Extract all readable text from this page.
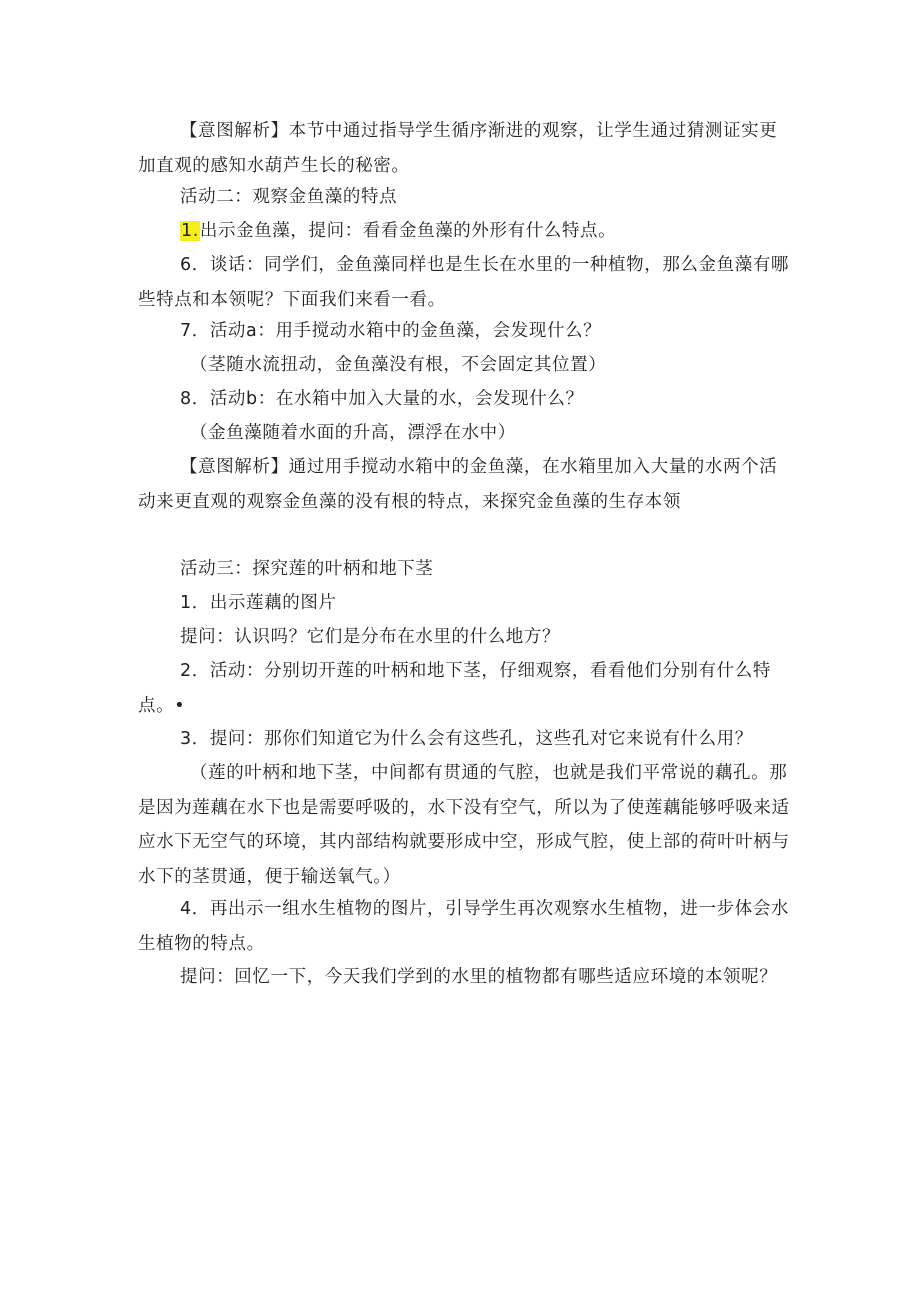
【意图解析】本节中通过指导学生循序渐进的观察，让学生通过猜测证实更加直观的感知水葫芦生长的秘密。

活动二：观察金鱼藻的特点

1.出示金鱼藻，提问：看看金鱼藻的外形有什么特点。

6．谈话：同学们，金鱼藻同样也是生长在水里的一种植物，那么金鱼藻有哪些特点和本领呢？下面我们来看一看。

7．活动a：用手搅动水箱中的金鱼藻，会发现什么？

（茎随水流扭动，金鱼藻没有根，不会固定其位置）

8．活动b：在水箱中加入大量的水，会发现什么？

（金鱼藻随着水面的升高，漂浮在水中）

【意图解析】通过用手搅动水箱中的金鱼藻，在水箱里加入大量的水两个活动来更直观的观察金鱼藻的没有根的特点，来探究金鱼藻的生存本领

活动三：探究莲的叶柄和地下茎

1．出示莲藕的图片

提问：认识吗？它们是分布在水里的什么地方？

2．活动：分别切开莲的叶柄和地下茎，仔细观察，看看他们分别有什么特点。•

3．提问：那你们知道它为什么会有这些孔，这些孔对它来说有什么用？

（莲的叶柄和地下茎，中间都有贯通的气腔，也就是我们平常说的藕孔。那是因为莲藕在水下也是需要呼吸的，水下没有空气，所以为了使莲藕能够呼吸来适应水下无空气的环境，其内部结构就要形成中空，形成气腔，使上部的荷叶叶柄与水下的茎贯通，便于输送氧气。）

4．再出示一组水生植物的图片，引导学生再次观察水生植物，进一步体会水生植物的特点。

提问：回忆一下，今天我们学到的水里的植物都有哪些适应环境的本领呢？
